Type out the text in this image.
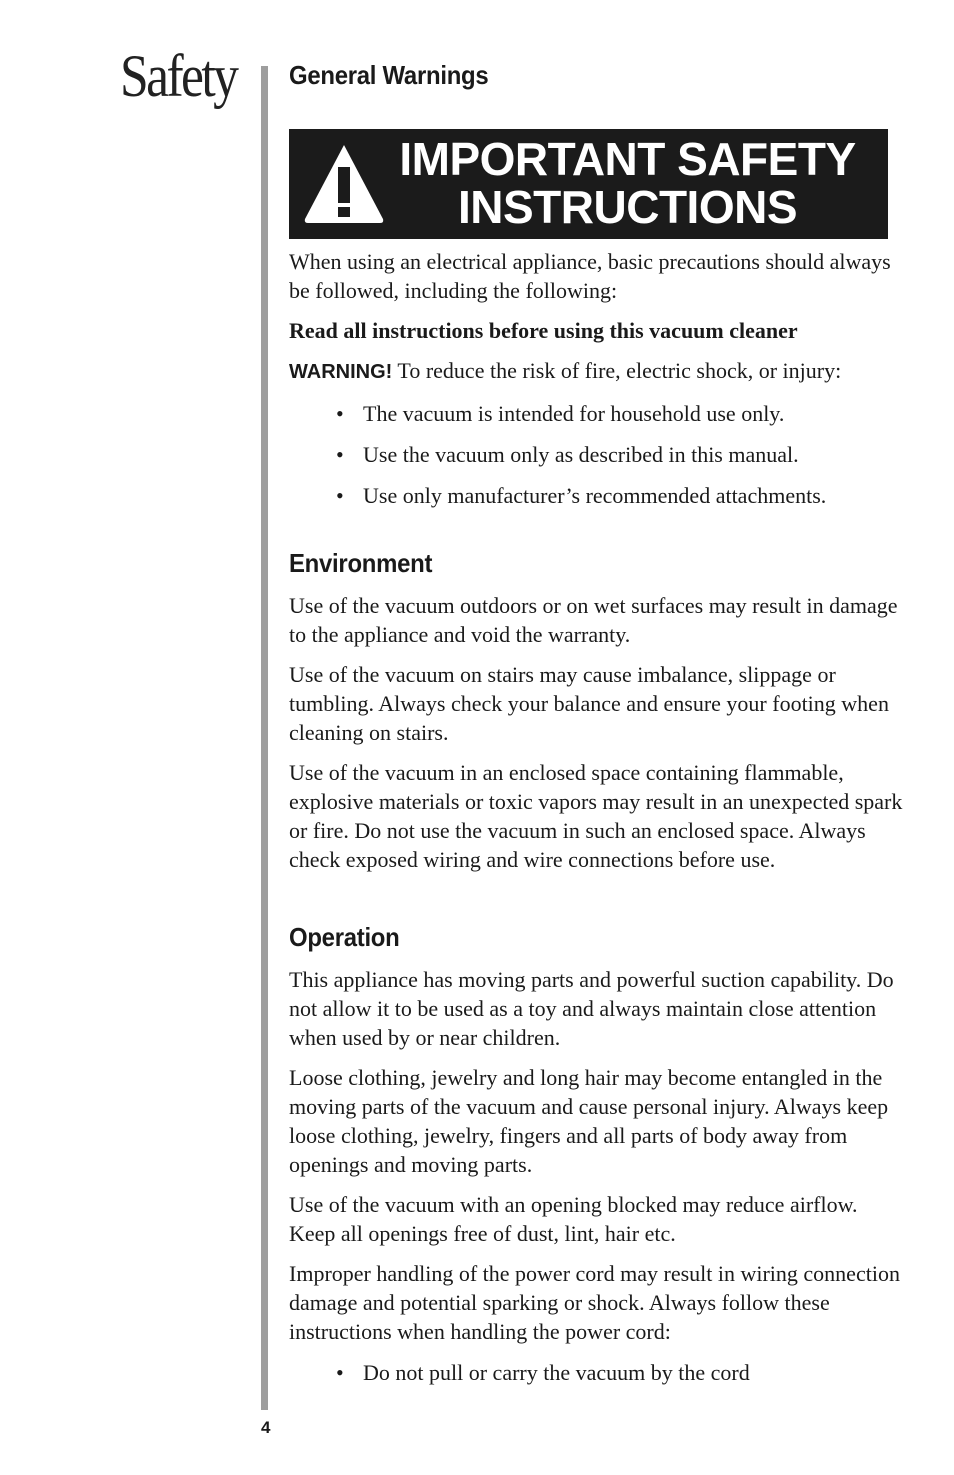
Safety
4
General Warnings
IMPORTANT SAFETY
INSTRUCTIONS

When using an electrical appliance, basic precautions should always be followed, including the following:

Read all instructions before using this vacuum cleaner

WARNING! To reduce the risk of fire, electric shock, or injury:

• The vacuum is intended for household use only.
• Use the vacuum only as described in this manual.
• Use only manufacturer’s recommended attachments.
Environment

Use of the vacuum outdoors or on wet surfaces may result in damage to the appliance and void the warranty.

Use of the vacuum on stairs may cause imbalance, slippage or tumbling. Always check your balance and ensure your footing when cleaning on stairs.

Use of the vacuum in an enclosed space containing flammable, explosive materials or toxic vapors may result in an unexpected spark or fire. Do not use the vacuum in such an enclosed space. Always check exposed wiring and wire connections before use.

Operation

This appliance has moving parts and powerful suction capability. Do not allow it to be used as a toy and always maintain close attention when used by or near children.

Loose clothing, jewelry and long hair may become entangled in the moving parts of the vacuum and cause personal injury. Always keep loose clothing, jewelry, fingers and all parts of body away from openings and moving parts.

Use of the vacuum with an opening blocked may reduce airflow. Keep all openings free of dust, lint, hair etc.

Improper handling of the power cord may result in wiring connection damage and potential sparking or shock. Always follow these instructions when handling the power cord:

• Do not pull or carry the vacuum by the cord
